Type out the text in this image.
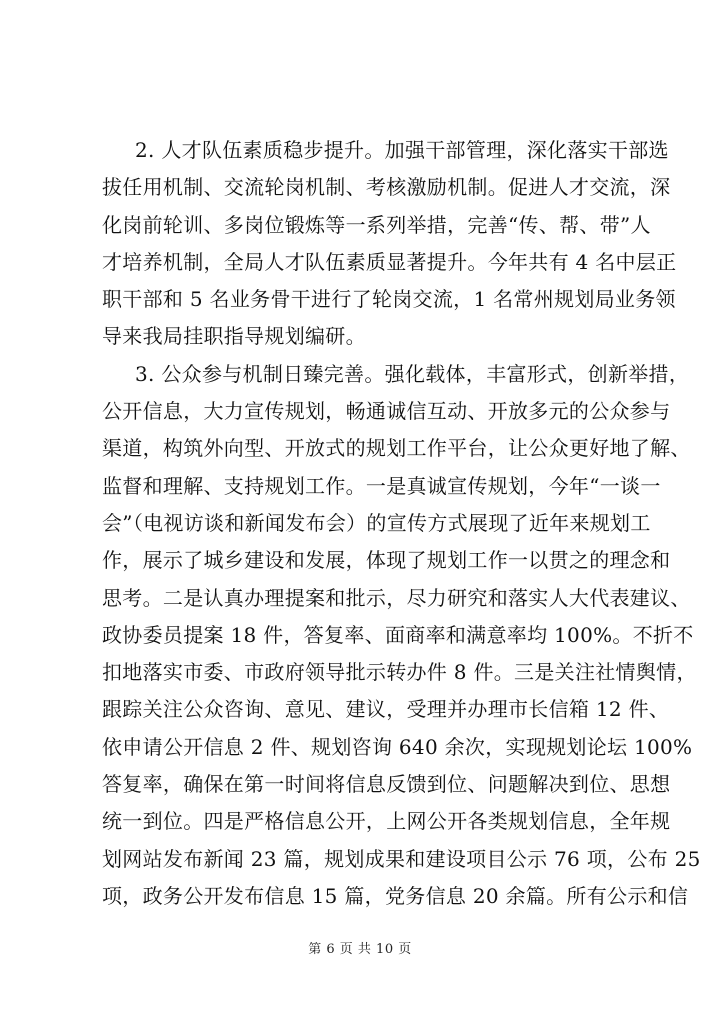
2. 人才队伍素质稳步提升。加强干部管理，深化落实干部选
拔任用机制、交流轮岗机制、考核激励机制。促进人才交流，深
化岗前轮训、多岗位锻炼等一系列举措，完善“传、帮、带”人
才培养机制，全局人才队伍素质显著提升。今年共有 4 名中层正
职干部和 5 名业务骨干进行了轮岗交流，1 名常州规划局业务领
导来我局挂职指导规划编研。
3. 公众参与机制日臻完善。强化载体，丰富形式，创新举措，
公开信息，大力宣传规划，畅通诚信互动、开放多元的公众参与
渠道，构筑外向型、开放式的规划工作平台，让公众更好地了解、
监督和理解、支持规划工作。一是真诚宣传规划，今年“一谈一
会”（电视访谈和新闻发布会）的宣传方式展现了近年来规划工
作，展示了城乡建设和发展，体现了规划工作一以贯之的理念和
思考。二是认真办理提案和批示，尽力研究和落实人大代表建议、
政协委员提案 18 件，答复率、面商率和满意率均 100%。不折不
扣地落实市委、市政府领导批示转办件 8 件。三是关注社情舆情，
跟踪关注公众咨询、意见、建议，受理并办理市长信箱 12 件、
依申请公开信息 2 件、规划咨询 640 余次，实现规划论坛 100%
答复率，确保在第一时间将信息反馈到位、问题解决到位、思想
统一到位。四是严格信息公开，上网公开各类规划信息，全年规
划网站发布新闻 23 篇，规划成果和建设项目公示 76 项，公布 25
项，政务公开发布信息 15 篇，党务信息 20 余篇。所有公示和信
第 6 页 共 10 页
